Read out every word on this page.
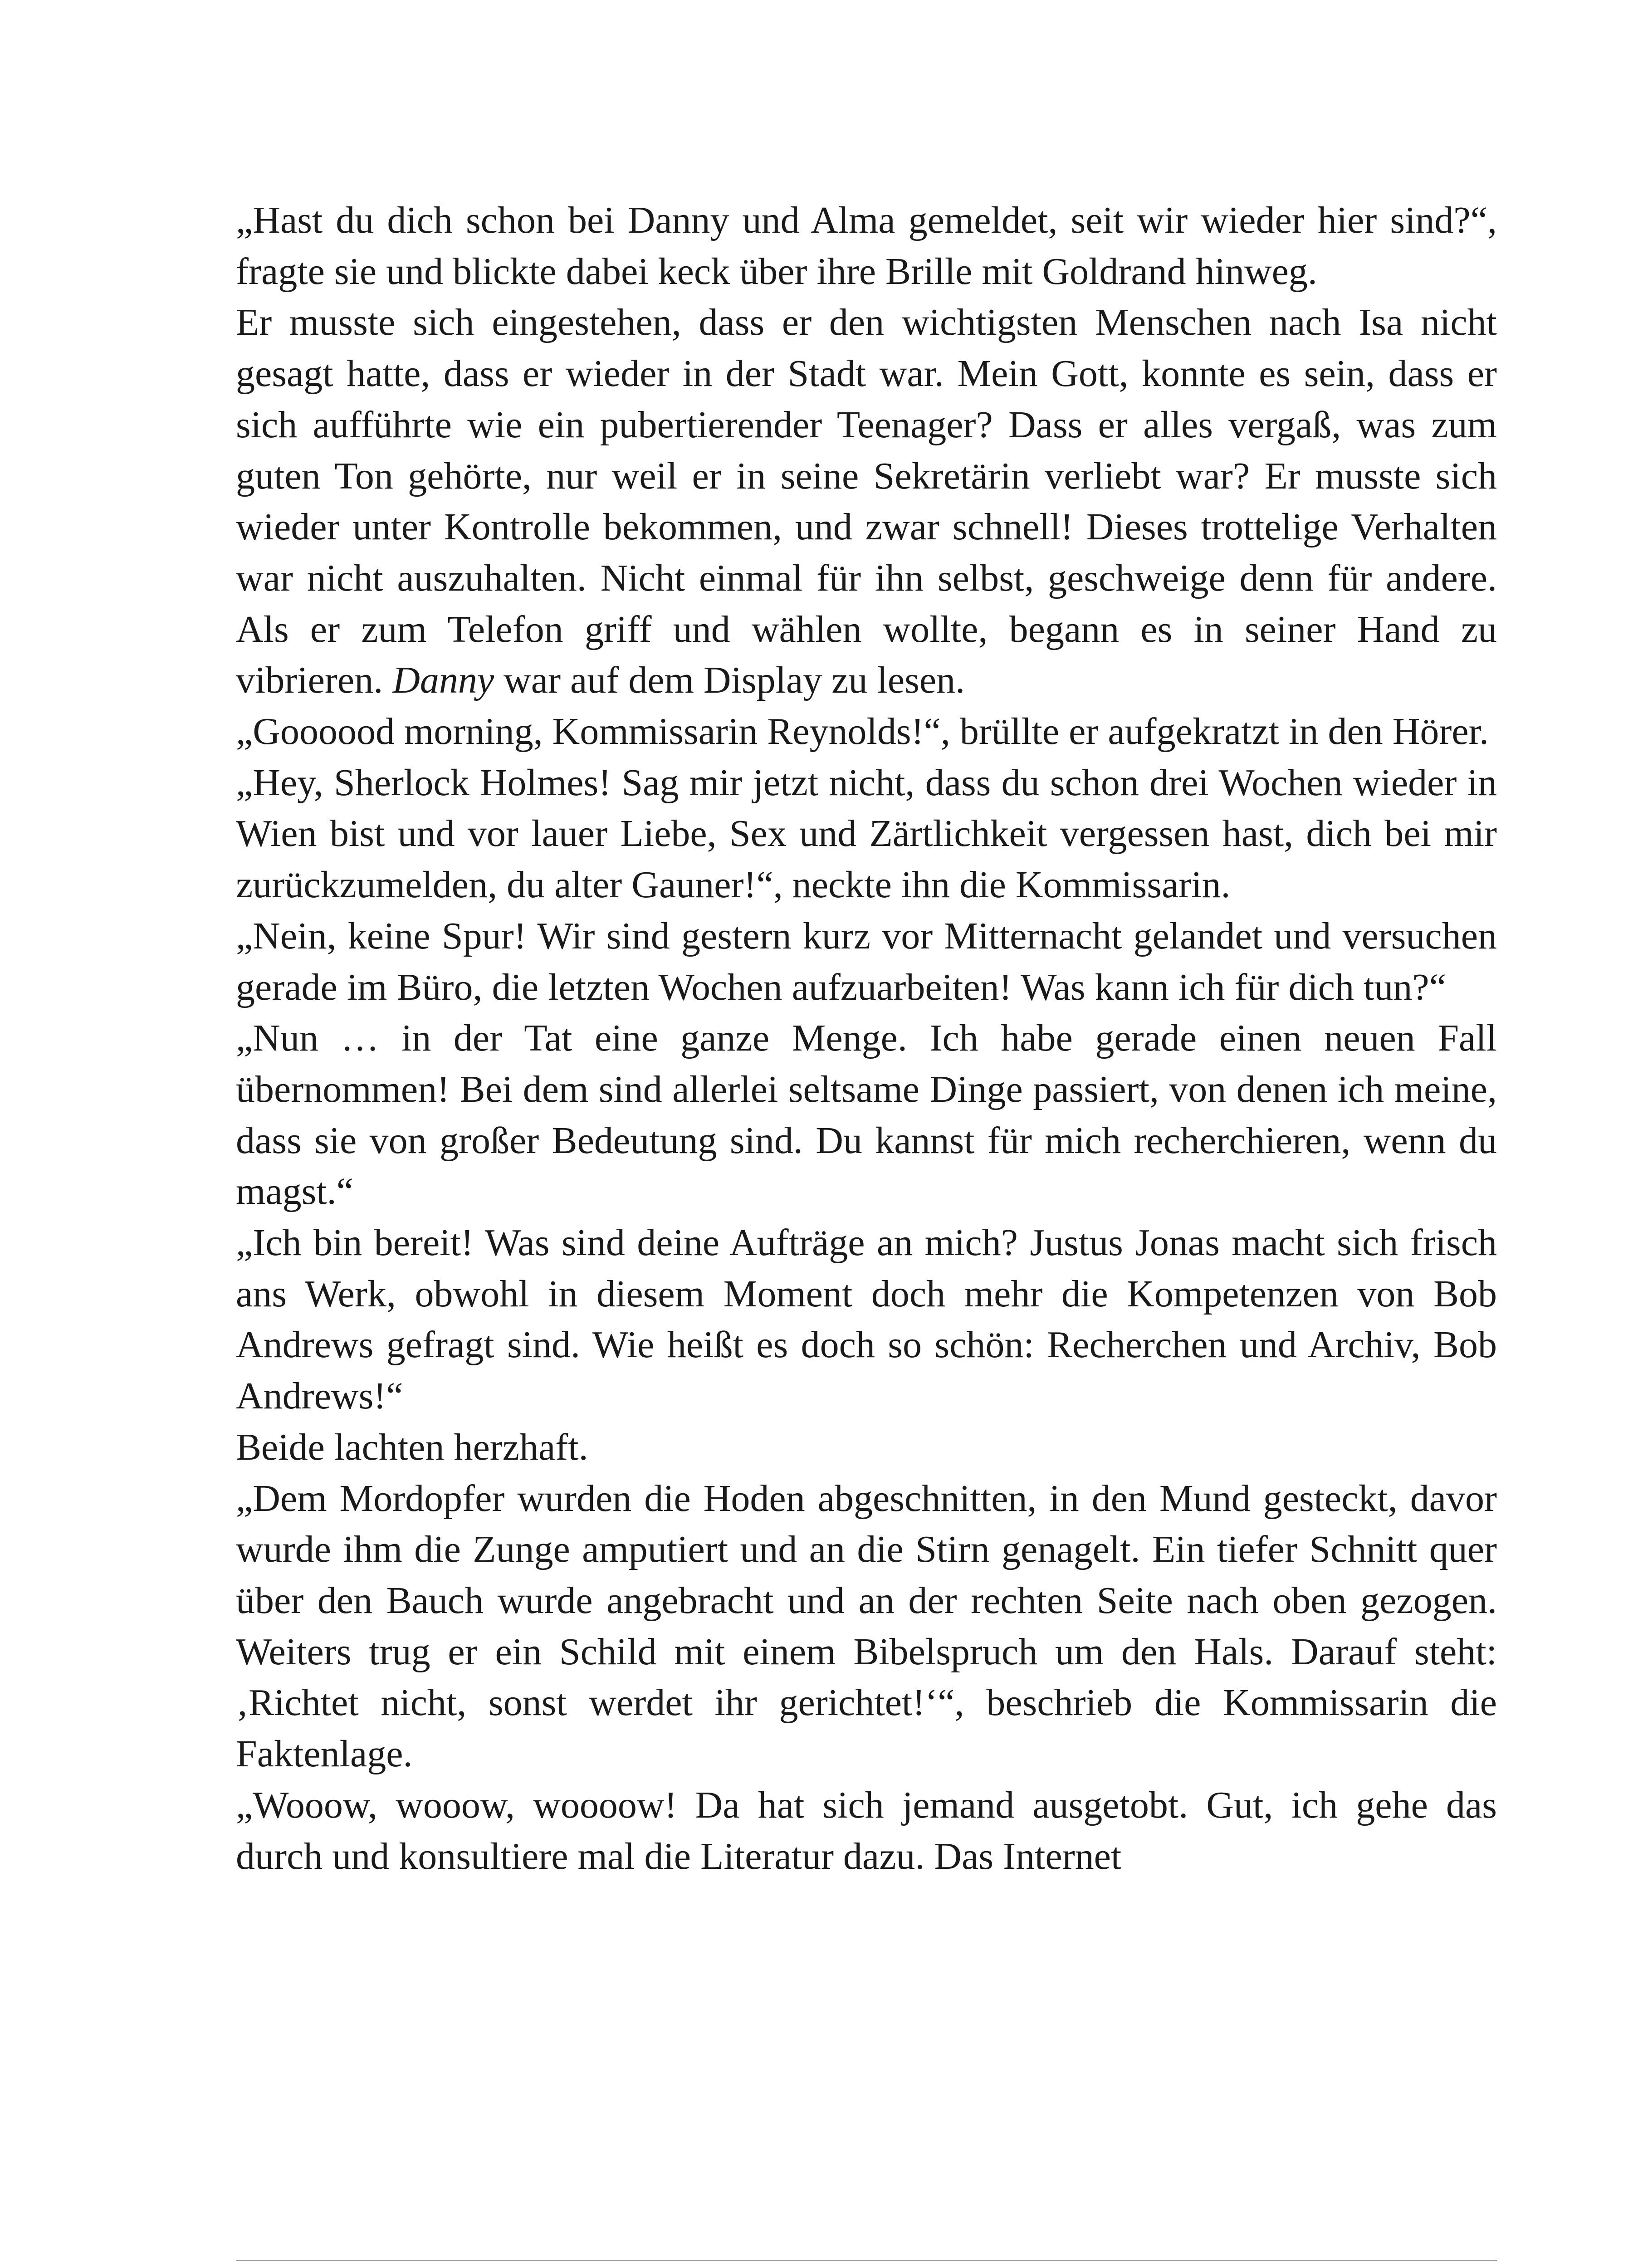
„Hast du dich schon bei Danny und Alma gemeldet, seit wir wieder hier sind?“, fragte sie und blickte dabei keck über ihre Brille mit Goldrand hinweg.

Er musste sich eingestehen, dass er den wichtigsten Menschen nach Isa nicht gesagt hatte, dass er wieder in der Stadt war. Mein Gott, konnte es sein, dass er sich aufführte wie ein pubertierender Teenager? Dass er alles vergaß, was zum guten Ton gehörte, nur weil er in seine Sekretärin verliebt war? Er musste sich wieder unter Kontrolle bekommen, und zwar schnell! Dieses trottelige Verhalten war nicht auszuhalten. Nicht einmal für ihn selbst, geschweige denn für andere. Als er zum Telefon griff und wählen wollte, begann es in seiner Hand zu vibrieren. Danny war auf dem Display zu lesen.

„Goooood morning, Kommissarin Reynolds!“, brüllte er aufgekratzt in den Hörer.

„Hey, Sherlock Holmes! Sag mir jetzt nicht, dass du schon drei Wochen wieder in Wien bist und vor lauer Liebe, Sex und Zärtlichkeit vergessen hast, dich bei mir zurückzumelden, du alter Gauner!“, neckte ihn die Kommissarin.

„Nein, keine Spur! Wir sind gestern kurz vor Mitternacht gelandet und versuchen gerade im Büro, die letzten Wochen aufzuarbeiten! Was kann ich für dich tun?“

„Nun … in der Tat eine ganze Menge. Ich habe gerade einen neuen Fall übernommen! Bei dem sind allerlei seltsame Dinge passiert, von denen ich meine, dass sie von großer Bedeutung sind. Du kannst für mich recherchieren, wenn du magst.“

„Ich bin bereit! Was sind deine Aufträge an mich? Justus Jonas macht sich frisch ans Werk, obwohl in diesem Moment doch mehr die Kompetenzen von Bob Andrews gefragt sind. Wie heißt es doch so schön: Recherchen und Archiv, Bob Andrews!“

Beide lachten herzhaft.

„Dem Mordopfer wurden die Hoden abgeschnitten, in den Mund gesteckt, davor wurde ihm die Zunge amputiert und an die Stirn genagelt. Ein tiefer Schnitt quer über den Bauch wurde angebracht und an der rechten Seite nach oben gezogen. Weiters trug er ein Schild mit einem Bibelspruch um den Hals. Darauf steht: ‚Richtet nicht, sonst werdet ihr gerichtet!‘“, beschrieb die Kommissarin die Faktenlage.

„Wooow, wooow, woooow! Da hat sich jemand ausgetobt. Gut, ich gehe das durch und konsultiere mal die Literatur dazu. Das Internet
